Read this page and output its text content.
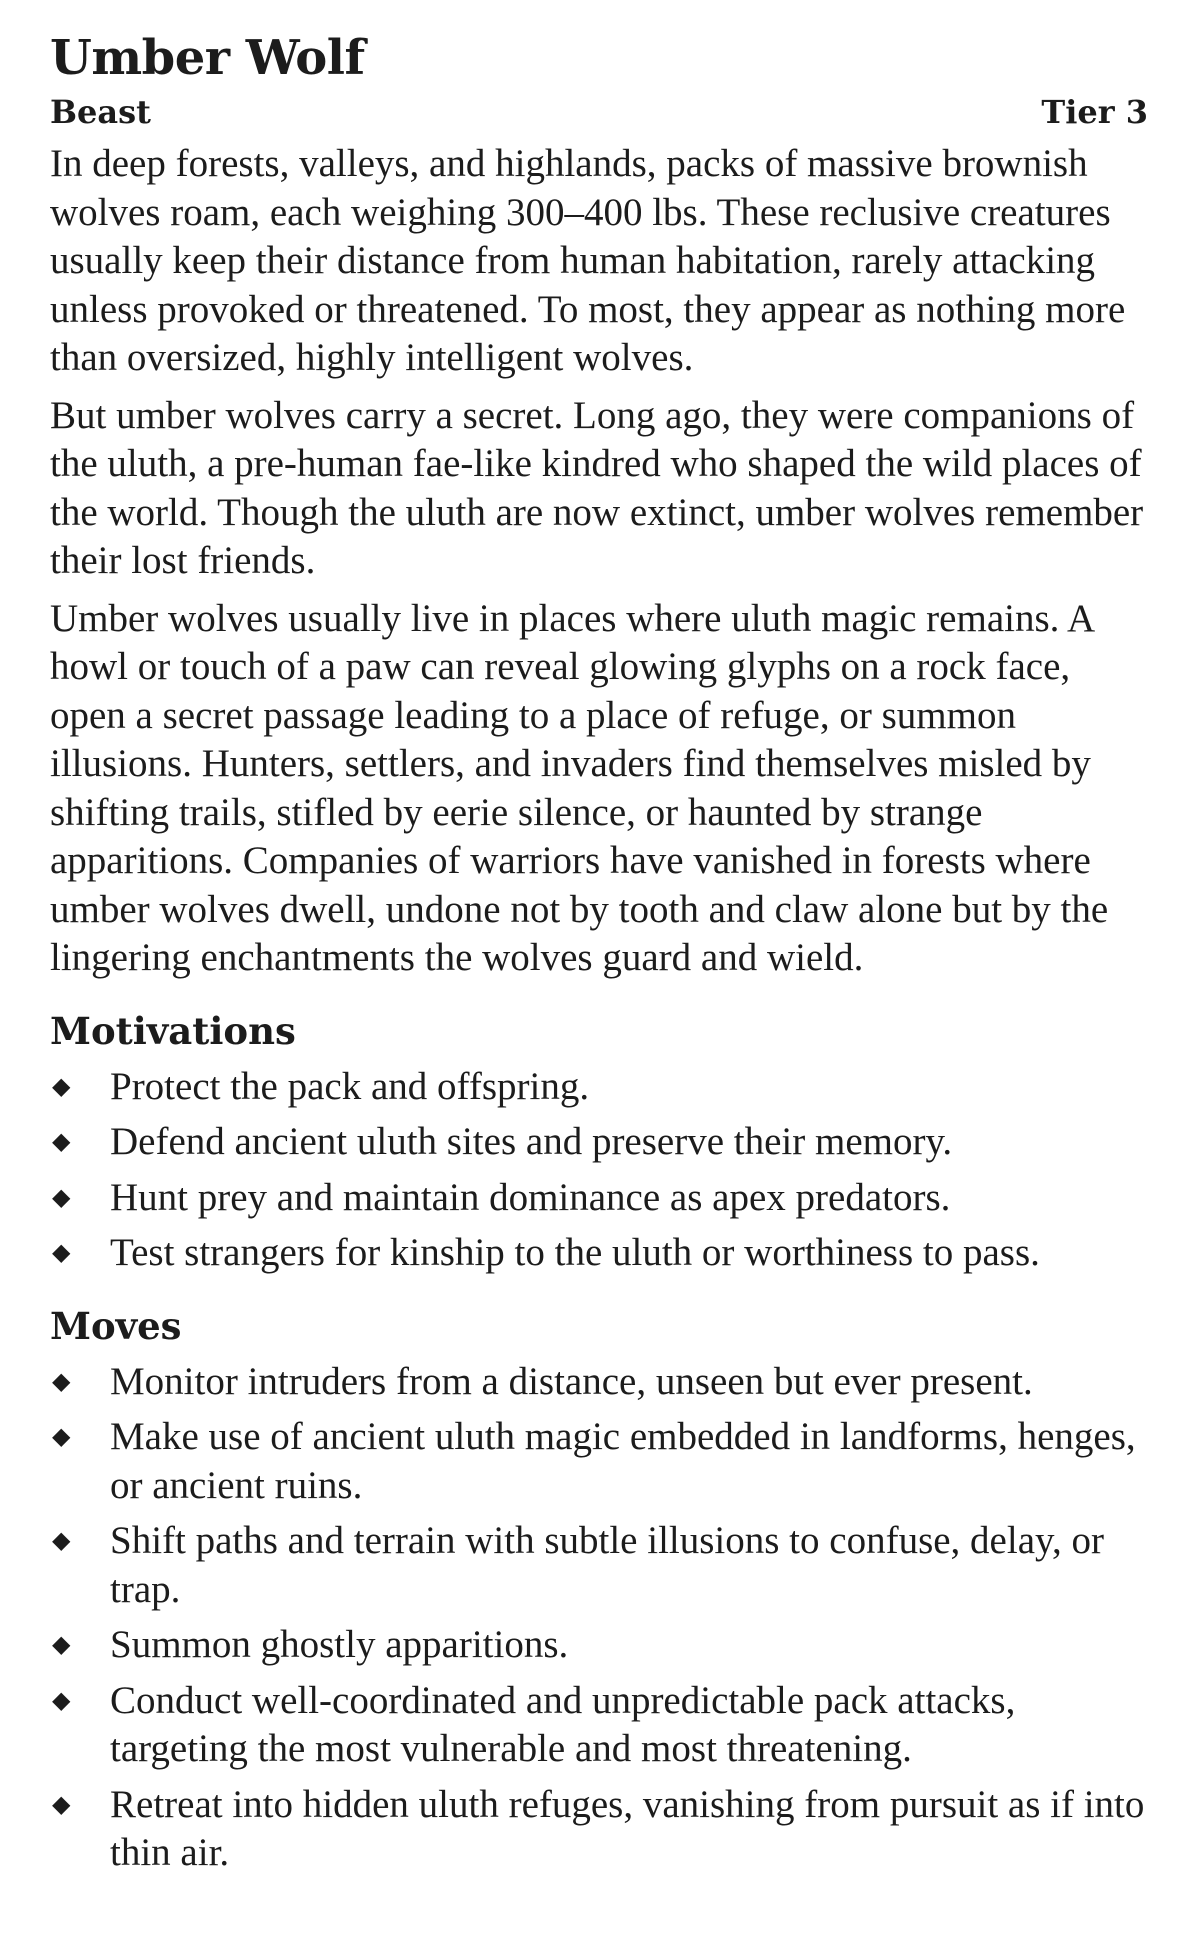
Umber Wolf
Beast	Tier 3

In deep forests, valleys, and highlands, packs of massive brownish wolves roam, each weighing 300–400 lbs. These reclusive creatures usually keep their distance from human habitation, rarely attacking unless provoked or threatened. To most, they appear as nothing more than oversized, highly intelligent wolves.

But umber wolves carry a secret. Long ago, they were companions of the uluth, a pre-human fae-like kindred who shaped the wild places of the world. Though the uluth are now extinct, umber wolves remember their lost friends.

Umber wolves usually live in places where uluth magic remains. A howl or touch of a paw can reveal glowing glyphs on a rock face, open a secret passage leading to a place of refuge, or summon illusions. Hunters, settlers, and invaders find themselves misled by shifting trails, stifled by eerie silence, or haunted by strange apparitions. Companies of warriors have vanished in forests where umber wolves dwell, undone not by tooth and claw alone but by the lingering enchantments the wolves guard and wield.

Motivations
◆	Protect the pack and offspring.
◆	Defend ancient uluth sites and preserve their memory.
◆	Hunt prey and maintain dominance as apex predators.
◆	Test strangers for kinship to the uluth or worthiness to pass.
Moves
◆	Monitor intruders from a distance, unseen but ever present.
◆	Make use of ancient uluth magic embedded in landforms, henges, or ancient ruins.
◆	Shift paths and terrain with subtle illusions to confuse, delay, or trap.
◆	Summon ghostly apparitions.
◆	Conduct well-coordinated and unpredictable pack attacks, targeting the most vulnerable and most threatening.
◆	Retreat into hidden uluth refuges, vanishing from pursuit as if into thin air.
